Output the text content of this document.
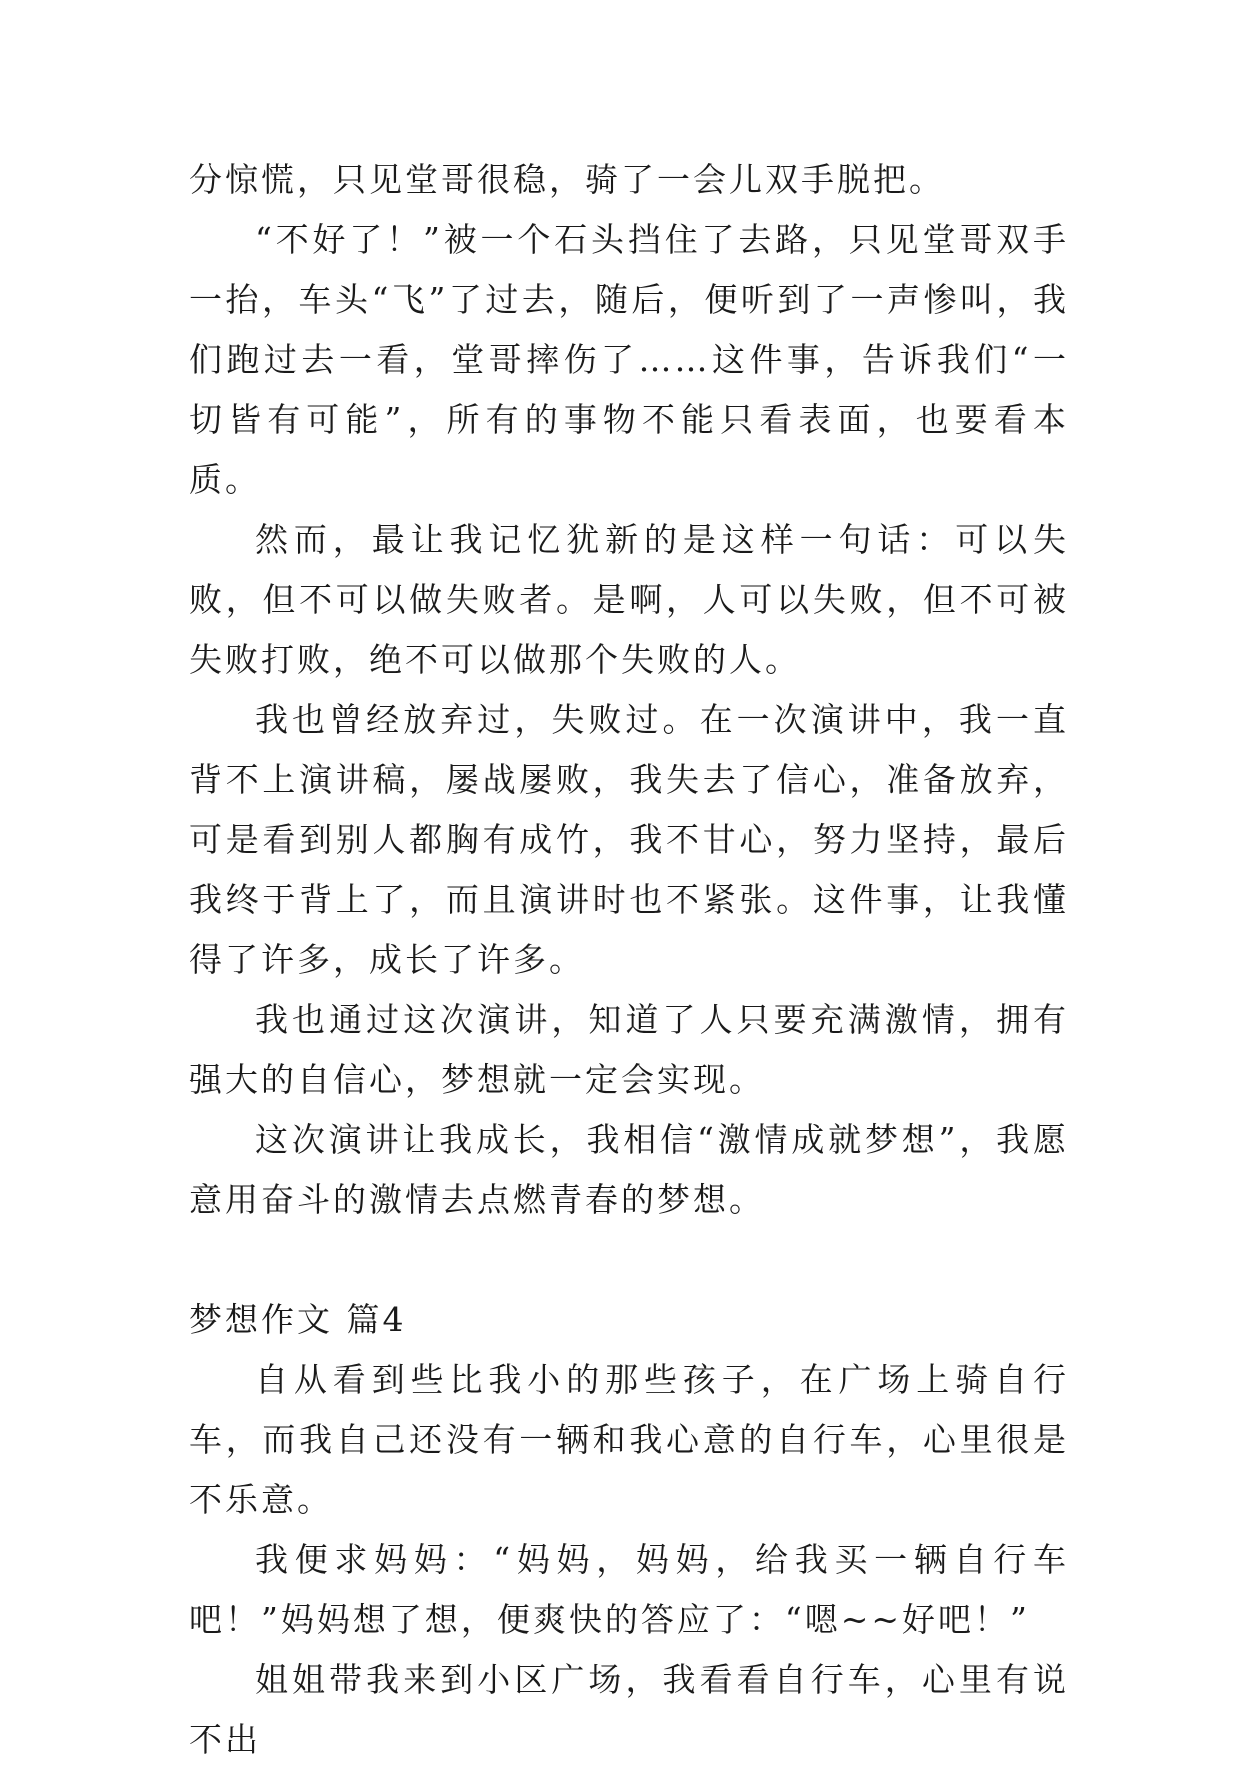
分惊慌，只见堂哥很稳，骑了一会儿双手脱把。

“不好了！”被一个石头挡住了去路，只见堂哥双手一抬，车头“飞”了过去，随后，便听到了一声惨叫，我们跑过去一看，堂哥摔伤了……这件事，告诉我们“一切皆有可能”，所有的事物不能只看表面，也要看本质。

然而，最让我记忆犹新的是这样一句话：可以失败，但不可以做失败者。是啊，人可以失败，但不可被失败打败，绝不可以做那个失败的人。

我也曾经放弃过，失败过。在一次演讲中，我一直背不上演讲稿，屡战屡败，我失去了信心，准备放弃，可是看到别人都胸有成竹，我不甘心，努力坚持，最后我终于背上了，而且演讲时也不紧张。这件事，让我懂得了许多，成长了许多。

我也通过这次演讲，知道了人只要充满激情，拥有强大的自信心，梦想就一定会实现。

这次演讲让我成长，我相信“激情成就梦想”，我愿意用奋斗的激情去点燃青春的梦想。

梦想作文 篇4

自从看到些比我小的那些孩子，在广场上骑自行车，而我自己还没有一辆和我心意的自行车，心里很是不乐意。

我便求妈妈：“妈妈，妈妈，给我买一辆自行车吧！”妈妈想了想，便爽快的答应了：“嗯~~好吧！”

姐姐带我来到小区广场，我看看自行车，心里有说不出
